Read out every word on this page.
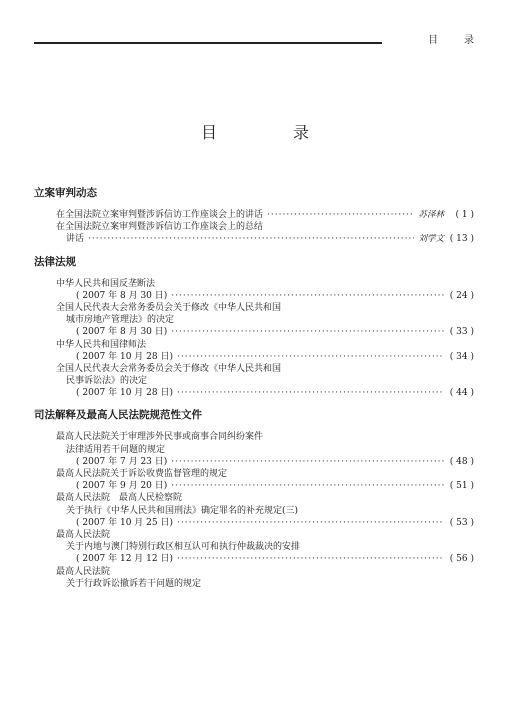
目	录
目　录
立案审判动态
在全国法院立案审判暨涉诉信访工作座谈会上的讲话 ·····	苏泽林	( 1 )
在全国法院立案审判暨涉诉信访工作座谈会上的总结
讲话 ·····	刘学文 ( 13 )
法律法规
中华人民共和国反垄断法
( 2007 年 8 月 30 日) ·····	( 24 )
全国人民代表大会常务委员会关于修改《中华人民共和国
城市房地产管理法》的决定
( 2007 年 8 月 30 日) ·····	( 33 )
中华人民共和国律师法
( 2007 年 10 月 28 日) ·····	( 34 )
全国人民代表大会常务委员会关于修改《中华人民共和国
民事诉讼法》的决定
( 2007 年 10 月 28 日) ·····	( 44 )
司法解释及最高人民法院规范性文件
最高人民法院关于审理涉外民事或商事合同纠纷案件
法律适用若干问题的规定
( 2007 年 7 月 23 日) ·····	( 48 )
最高人民法院关于诉讼收费监督管理的规定
( 2007 年 9 月 20 日) ·····	( 51 )
最高人民法院　最高人民检察院
关于执行《中华人民共和国刑法》确定罪名的补充规定(三)
( 2007 年 10 月 25 日) ·····	( 53 )
最高人民法院
关于内地与澳门特别行政区相互认可和执行仲裁裁决的安排
( 2007 年 12 月 12 日) ·····	( 56 )
最高人民法院
关于行政诉讼撤诉若干问题的规定
